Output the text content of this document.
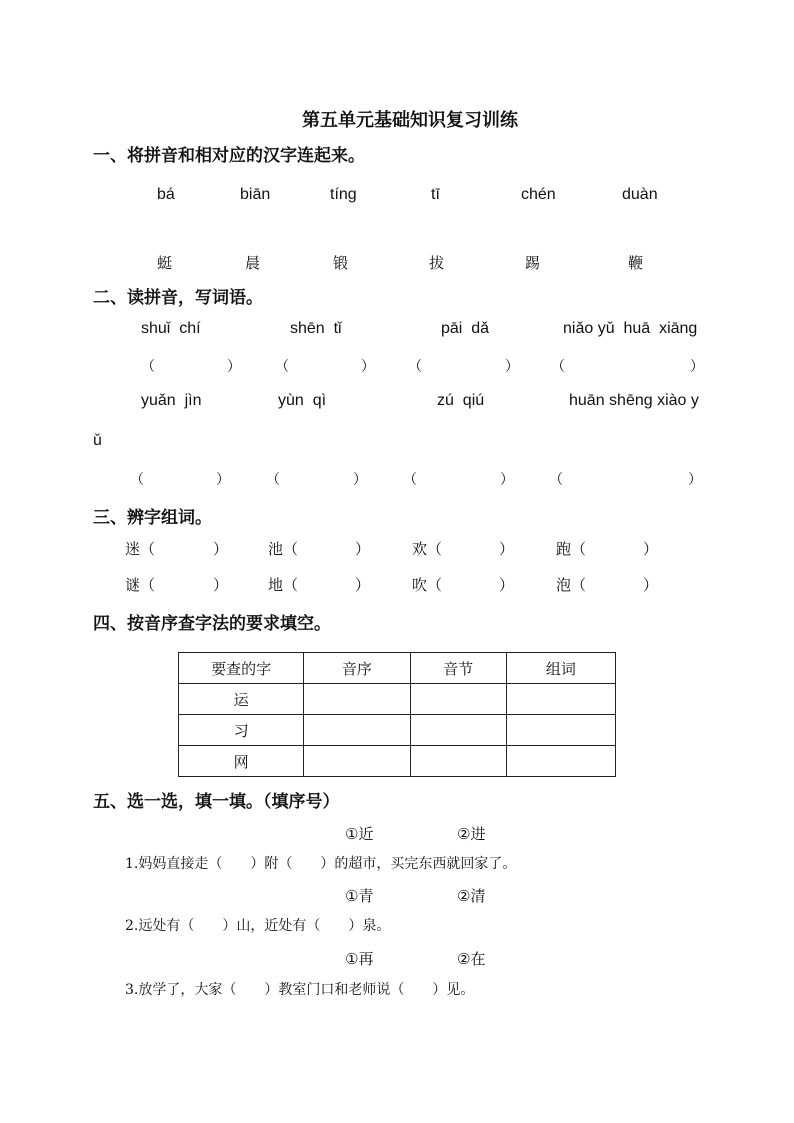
第五单元基础知识复习训练
一、将拼音和相对应的汉字连起来。
bá	biān	tíng	tī	chén	duàn
蜓	晨	锻	拔	踢	鞭
二、读拼音，写词语。
shuǐ  chí	shēn  tǐ	pāi  dǎ	niǎo yǔ  huā  xiāng
（	） （	） （	） （	）
yuǎn  jìn	yùn  qì	zú  qiú	huān shēng xiào y
ǔ
（	）	（	）	（	）	（	）
三、辨字组词。
迷（	）	池（	）	欢（	）	跑（	）
谜（	）	地（	）	吹（	）	泡（	）
四、按音序查字法的要求填空。
要查的字	音序	音节	组词
运			
习			
网			
五、选一选，填一填。（填序号）
①近	②进
1.妈妈直接走（　　）附（　　）的超市，买完东西就回家了。
①青	②清
2.远处有（　　）山，近处有（　　）泉。
①再	②在
3.放学了，大家（　　）教室门口和老师说（　　）见。
